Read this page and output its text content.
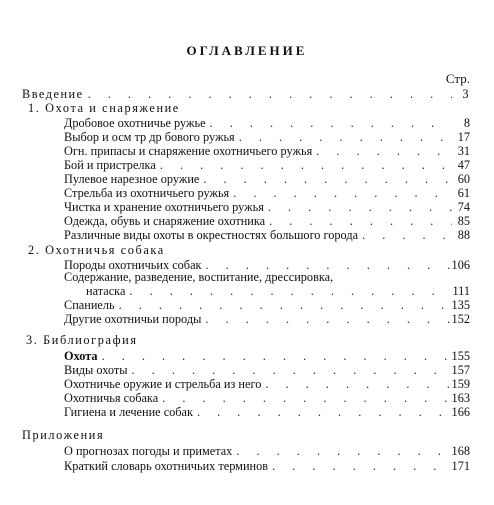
ОГЛАВЛЕНИЕ
Стр.
Введение . . .	3
1. Охота и снаряжение
Дробовое охотничье ружье . . .	8
Выбор и осм тр др бового ружья . . .	17
Огн. припасы и снаряжение охотничьего ружья . . .	31
Бой и пристрелка . . .	47
Пулевое нарезное оружие . . .	60
Стрельба из охотничьего ружья . . .	61
Чистка и хранение охотничьего ружья . . .	74
Одежда, обувь и снаряжение охотника . . .	85
Различные виды охоты в окрестностях большого города . . .	88
2. Охотничья собака
Породы охотничьих собак . . .	106
Содержание, разведение, воспитание, дрессировка,
натаска . . .	111
Спаниель . . .	135
Другие охотничьи породы . . .	152
3. Библиография
Охота . . .	155
Виды охоты . . .	157
Охотничье оружие и стрельба из него . . .	159
Охотничья собака . . .	163
Гигиена и лечение собак . . .	166
Приложения
О прогнозах погоды и приметах . . .	168
Краткий словарь охотничьих терминов . . .	171
